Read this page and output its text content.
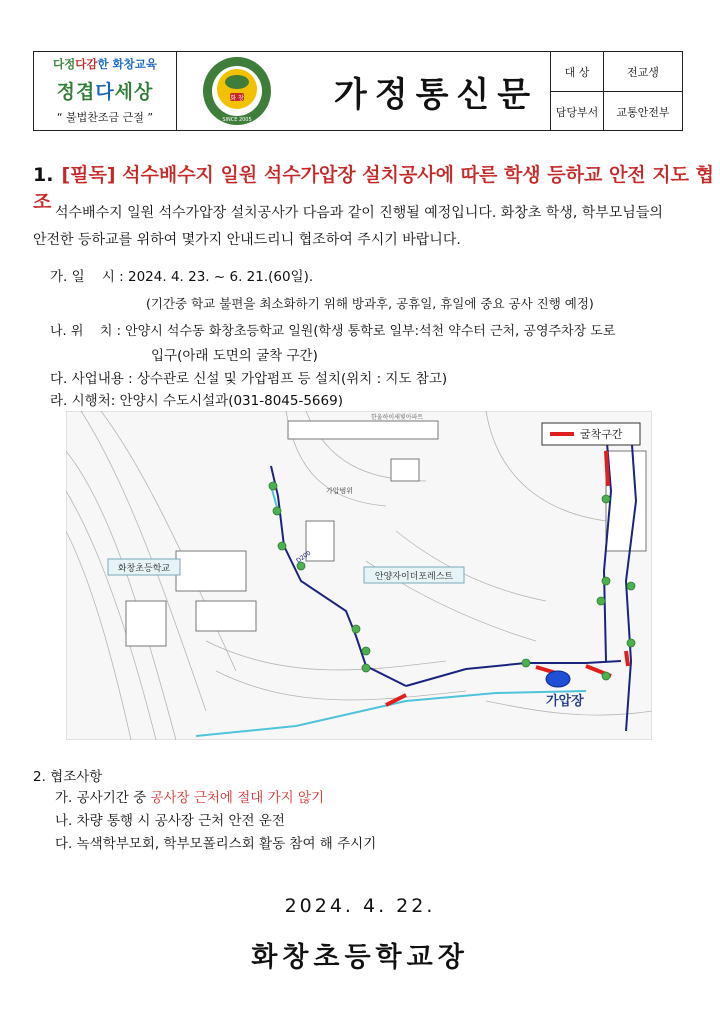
다정다감한 화창교육
정겹다세상
“ 불법찬조금 근절 ”
화 창
SINCE 2005
가정통신문
대 상	전교생
담당부서	교통안전부
1. [필독] 석수배수지 일원 석수가압장 설치공사에 따른 학생 등하교 안전 지도 협조 석수배수지 일원 석수가압장 설치공사가 다음과 같이 진행될 예정입니다. 화창초 학생, 학부모님들의
안전한 등하교를 위하여 몇가지 안내드리니 협조하여 주시기 바랍니다.
가. 일    시 : 2024. 4. 23. ~ 6. 21.(60일).
(기간중 학교 불편을 최소화하기 위해 방과후, 공휴일, 휴일에 중요 공사 진행 예정)
나. 위    치 : 안양시 석수동 화창초등학교 일원(학생 통학로 일부:석천 약수터 근처, 공영주차장 도로
입구(아래 도면의 굴착 구간)
다. 사업내용 : 상수관로 신설 및 가압펌프 등 설치(위치 : 지도 참고)
라. 시행처: 안양시 수도시설과(031-8045-5669)
화창초등학교
안양자이더포레스트
가압범위
한울하이새빛아파트
D200
가압장
굴착구간
2. 협조사항
가. 공사기간 중 공사장 근처에 절대 가지 않기
나. 차량 통행 시 공사장 근처 안전 운전
다. 녹색학부모회, 학부모폴리스회 활동 참여 해 주시기
2024. 4. 22.
화창초등학교장
